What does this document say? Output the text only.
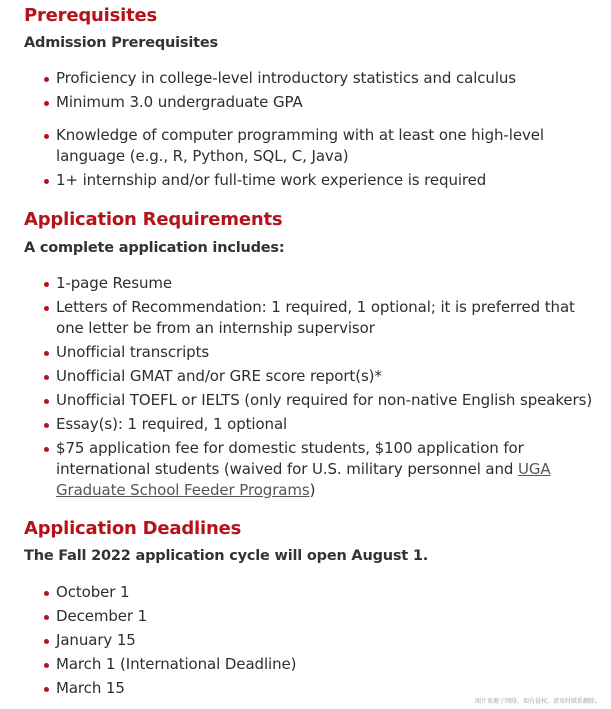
Prerequisites
Admission Prerequisites
Proficiency in college-level introductory statistics and calculus
Minimum 3.0 undergraduate GPA
Knowledge of computer programming with at least one high-level language (e.g., R, Python, SQL, C, Java)
1+ internship and/or full-time work experience is required
Application Requirements
A complete application includes:
1-page Resume
Letters of Recommendation: 1 required, 1 optional; it is preferred that one letter be from an internship supervisor
Unofficial transcripts
Unofficial GMAT and/or GRE score report(s)*
Unofficial TOEFL or IELTS (only required for non-native English speakers)
Essay(s): 1 required, 1 optional
$75 application fee for domestic students, $100 application for international students (waived for U.S. military personnel and UGA Graduate School Feeder Programs)
Application Deadlines
The Fall 2022 application cycle will open August 1.
October 1
December 1
January 15
March 1 (International Deadline)
March 15
图片来源于网络，如有侵权，请及时联系删除。
